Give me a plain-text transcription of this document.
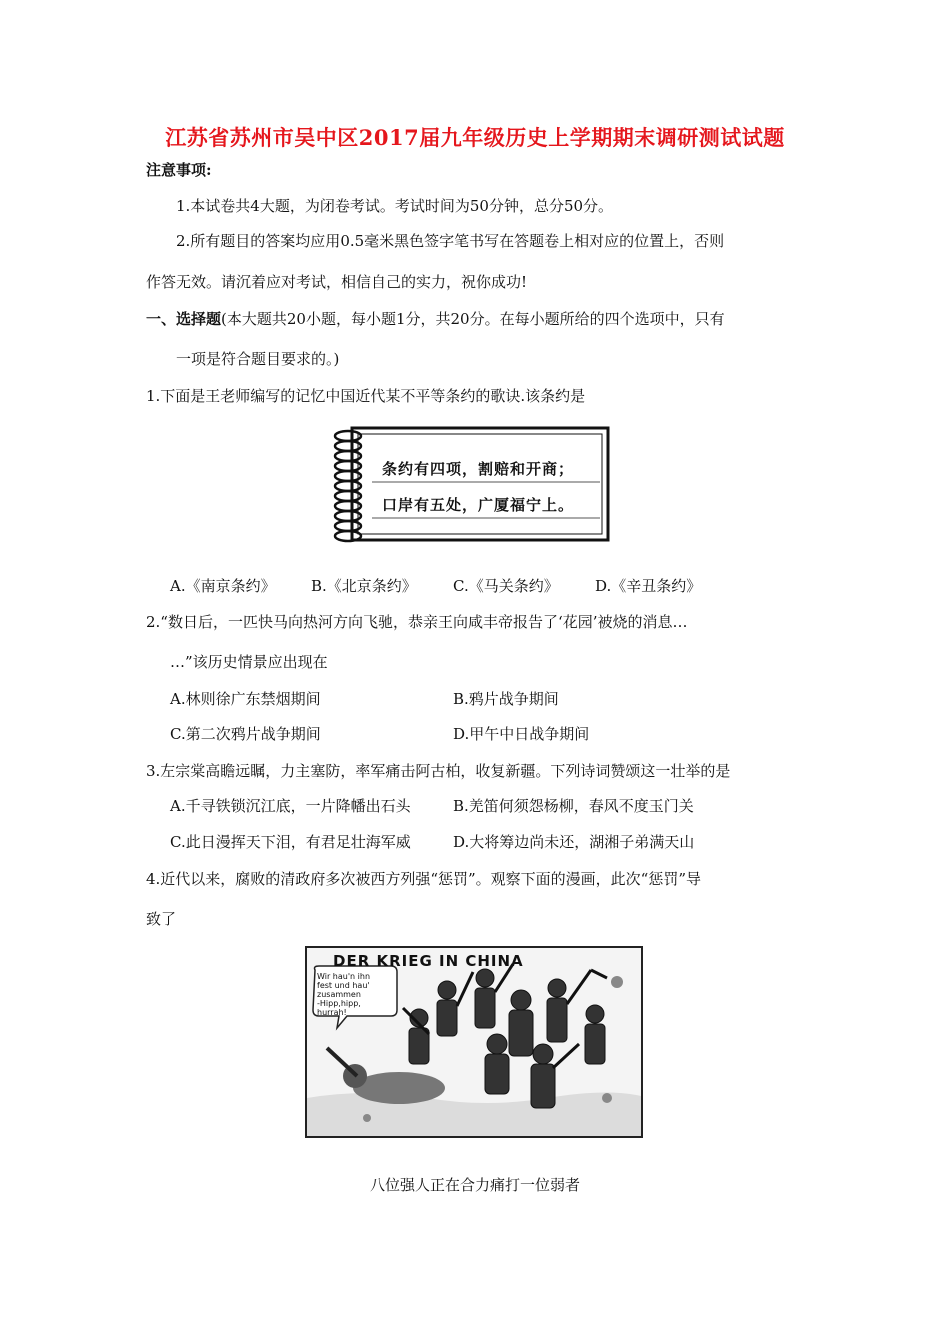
江苏省苏州市吴中区2017届九年级历史上学期期末调研测试试题
注意事项:
1.本试卷共4大题，为闭卷考试。考试时间为50分钟，总分50分。
2.所有题目的答案均应用0.5毫米黑色签字笔书写在答题卷上相对应的位置上，否则
作答无效。请沉着应对考试，相信自己的实力，祝你成功!
一、选择题(本大题共20小题，每小题1分，共20分。在每小题所给的四个选项中，只有
一项是符合题目要求的。)
1.下面是王老师编写的记忆中国近代某不平等条约的歌诀.该条约是
条约有四项，割赔和开商；
口岸有五处，广厦福宁上。
A.《南京条约》 B.《北京条约》 C.《马关条约》 D.《辛丑条约》
2.“数日后，一匹快马向热河方向飞驰，恭亲王向咸丰帝报告了‘花园’被烧的消息…
…”该历史情景应出现在
A.林则徐广东禁烟期间	B.鸦片战争期间
C.第二次鸦片战争期间	D.甲午中日战争期间
3.左宗棠高瞻远瞩，力主塞防，率军痛击阿古柏，收复新疆。下列诗词赞颂这一壮举的是
A.千寻铁锁沉江底，一片降幡出石头	B.羌笛何须怨杨柳，春风不度玉门关
C.此日漫挥天下泪，有君足壮海军威	D.大将筹边尚未还，湖湘子弟满天山
4.近代以来，腐败的清政府多次被西方列强“惩罚”。观察下面的漫画，此次“惩罚”导
致了
DER KRIEG IN CHINA
Wir hau'n ihn
fest und hau'
zusammen
-Hipp,hipp,
hurrah!
八位强人正在合力痛打一位弱者
